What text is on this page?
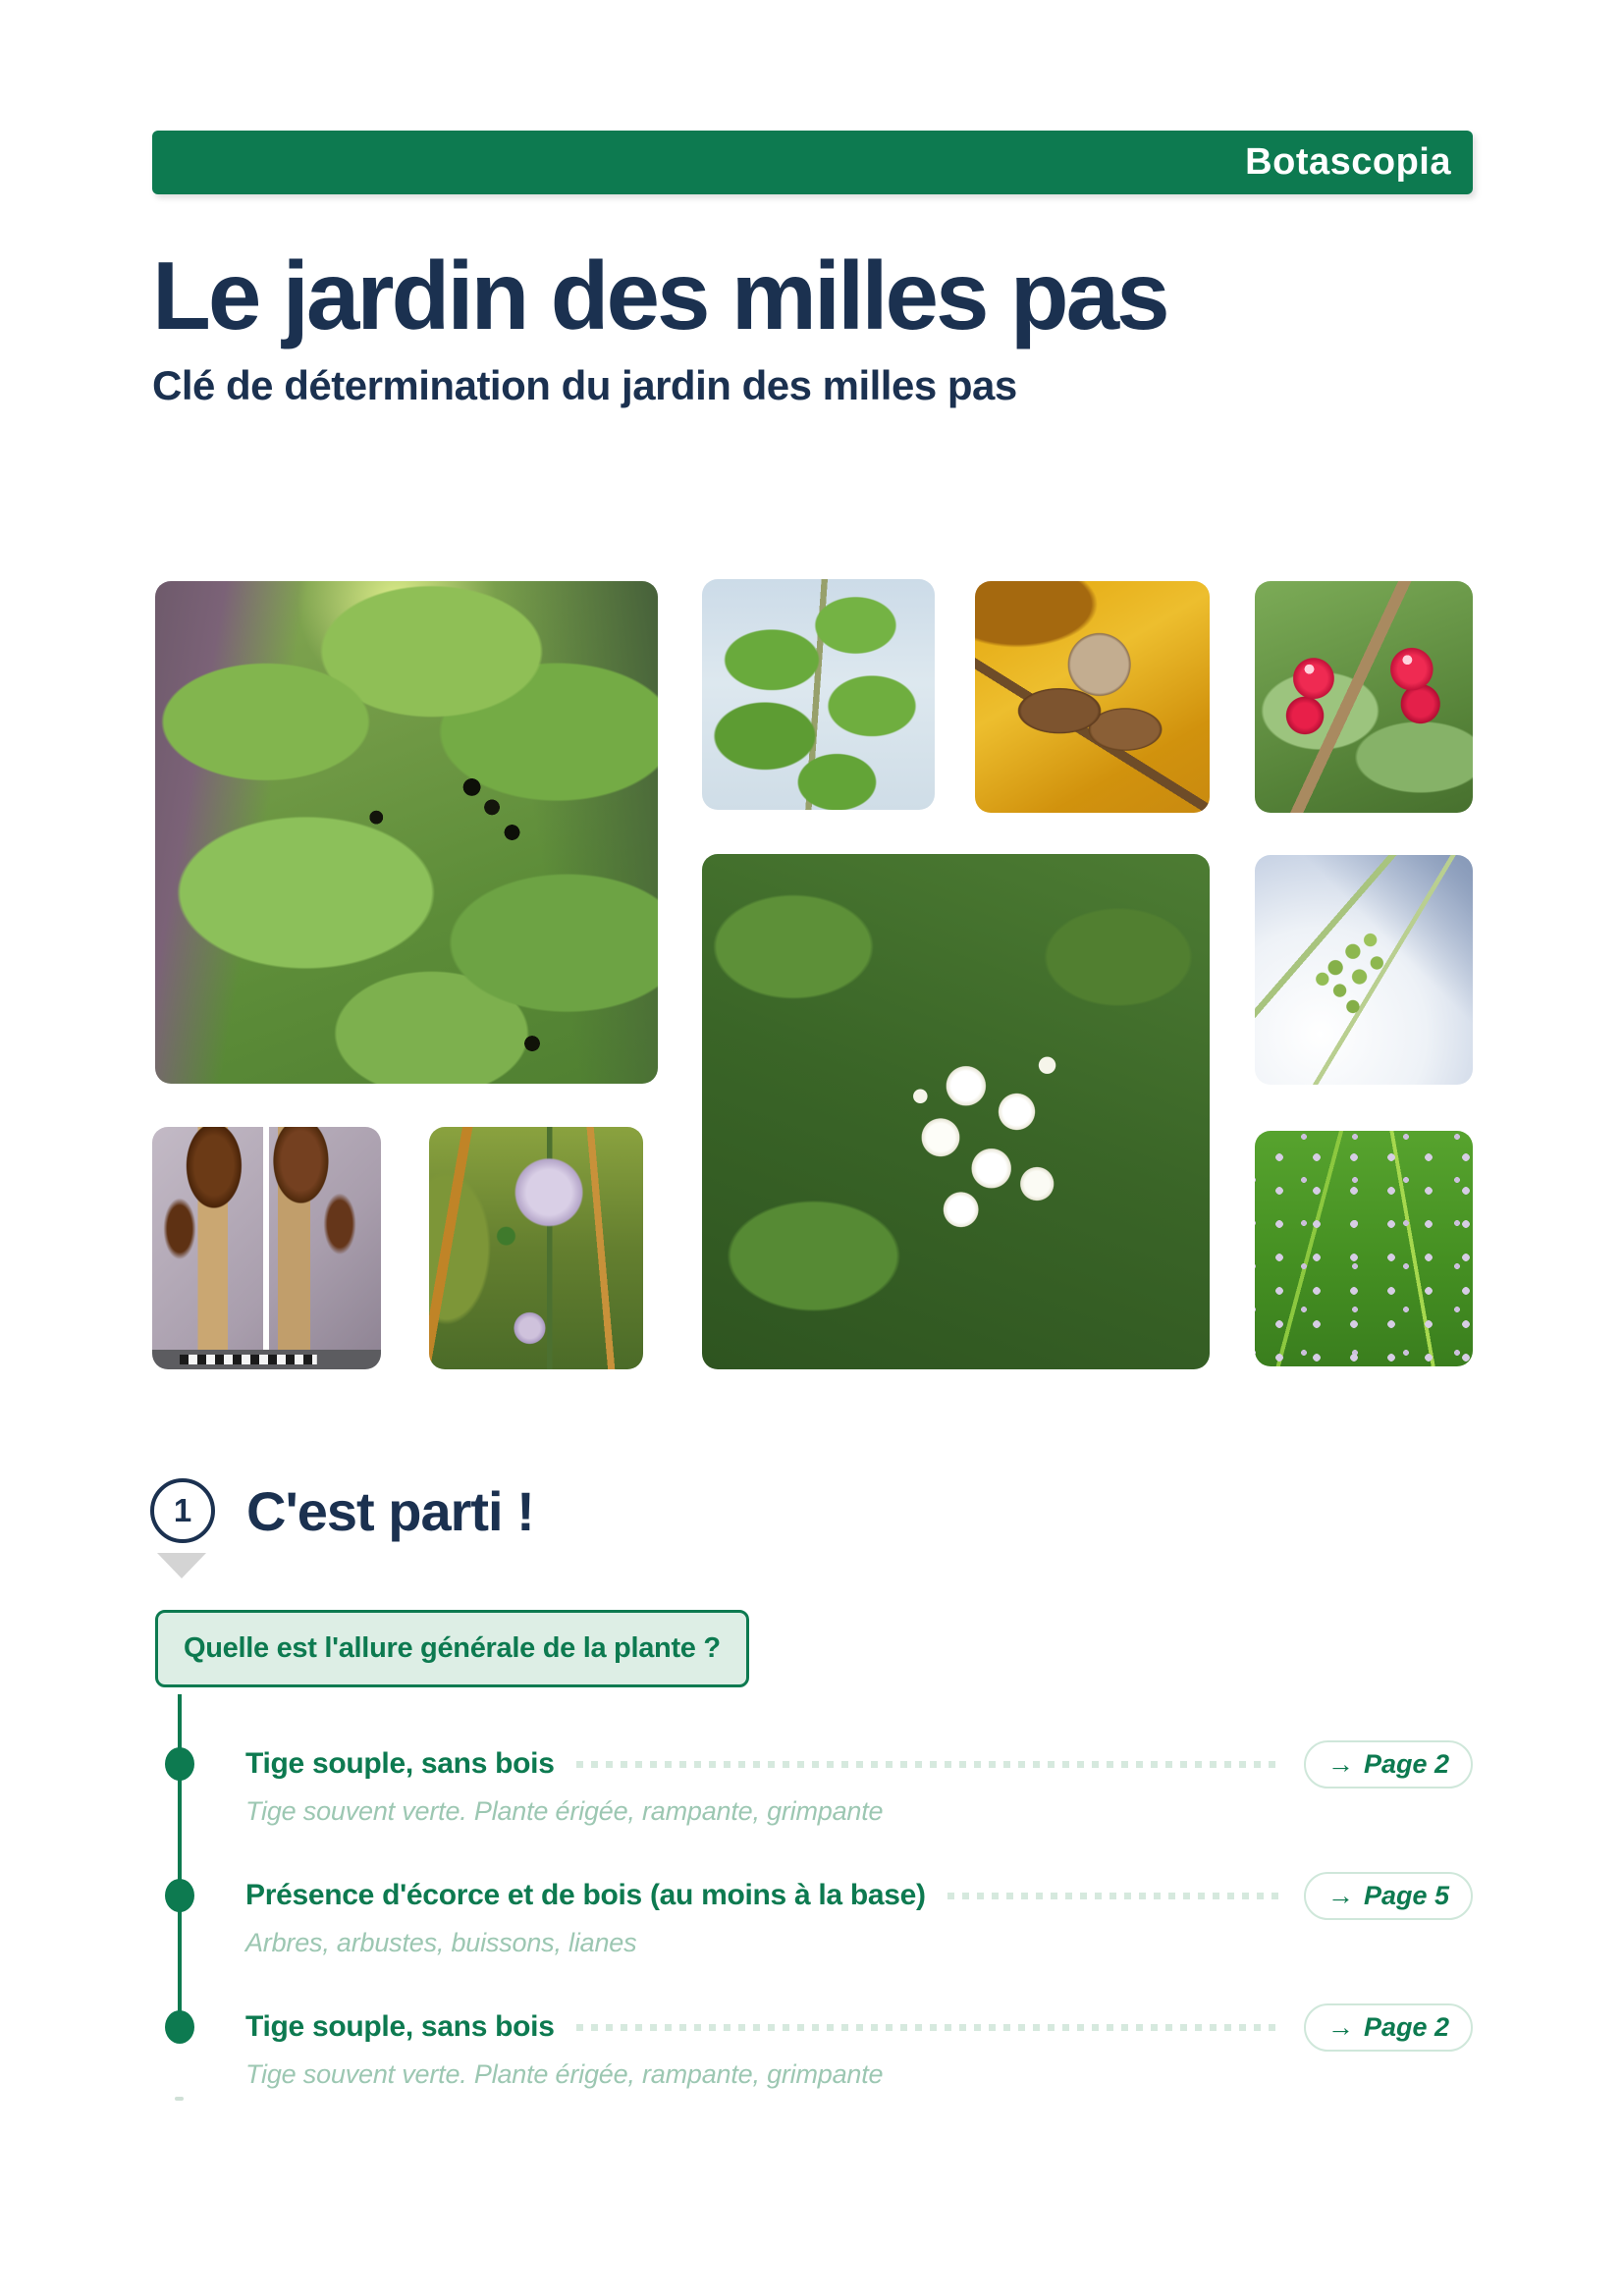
Botascopia
Le jardin des milles pas

Clé de détermination du jardin des milles pas

1 C'est parti !
Quelle est l'allure générale de la plante ?
Tige souple, sans bois	→ Page 2

Tige souvent verte. Plante érigée, rampante, grimpante

Présence d'écorce et de bois (au moins à la base)	→ Page 5

Arbres, arbustes, buissons, lianes

Tige souple, sans bois	→ Page 2

Tige souvent verte. Plante érigée, rampante, grimpante
